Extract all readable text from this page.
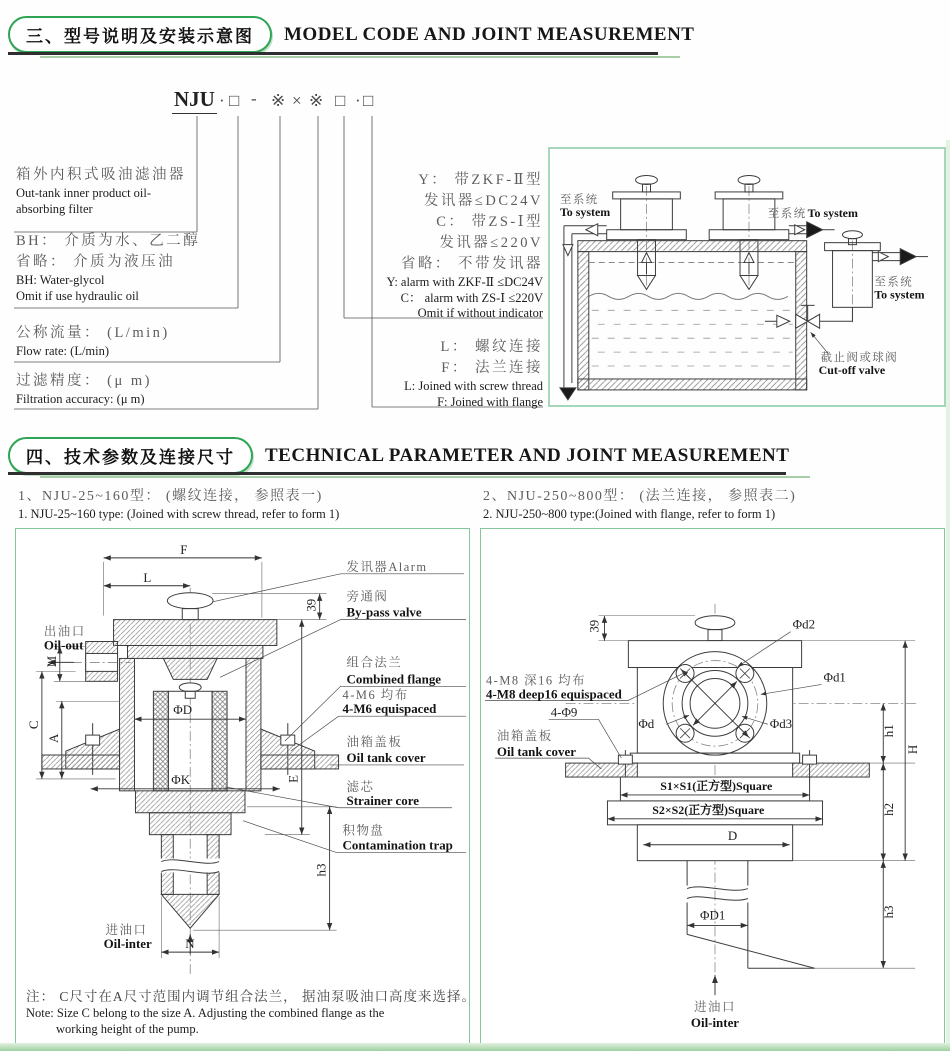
三、型号说明及安装示意图	MODEL CODE AND JOINT MEASUREMENT
NJU · □ - ※ × ※ □ · □
箱外内积式吸油滤油器
Out-tank inner product oil-
absorbing filter
BH： 介质为水、乙二醇
省略： 介质为液压油
BH: Water-glycol
Omit if use hydraulic oil
公称流量： (L/min)
Flow rate: (L/min)
过滤精度： (μ m)
Filtration accuracy: (μ m)
Y： 带ZKF-Ⅱ型
发讯器≤DC24V
C： 带ZS-Ⅰ型
发讯器≤220V
省略： 不带发讯器
Y: alarm with ZKF-Ⅱ ≤DC24V
C： alarm with ZS-Ⅰ ≤220V
Omit if without indicator
L： 螺纹连接
F： 法兰连接
L: Joined with screw thread
F: Joined with flange
至系统
To system	至系统 To system
至系统
To system
截止阀或球阀
Cut-off valve
四、技术参数及连接尺寸	TECHNICAL PARAMETER AND JOINT MEASUREMENT
1、NJU-25~160型： (螺纹连接， 参照表一)
1. NJU-25~160 type: (Joined with screw thread, refer to form 1)
2、NJU-250~800型： (法兰连接， 参照表二)
2. NJU-250~800 type:(Joined with flange, refer to form 1)
F
L
39
M
C
A
ΦD
ΦK	E
h3
N
出油口
Oil-out
发讯器Alarm
旁通阀
By-pass valve
组合法兰
Combined flange
4-M6 均布
4-M6 equispaced
油箱盖板
Oil tank cover
滤芯
Strainer core
积物盘
Contamination trap
进油口
Oil-inter
注： C尺寸在A尺寸范围内调节组合法兰， 据油泵吸油口高度来选择。
Note: Size C belong to the size A. Adjusting the combined flange as the
working height of the pump.
39	Φd2
Φd1
Φd	Φd3
4-M8 深16 均布
4-M8 deep16 equispaced
4-Φ9
油箱盖板
Oil tank cover
S1×S1(正方型)Square
S2×S2(正方型)Square
D
ΦD1
h1
h2
h3
H
进油口
Oil-inter
